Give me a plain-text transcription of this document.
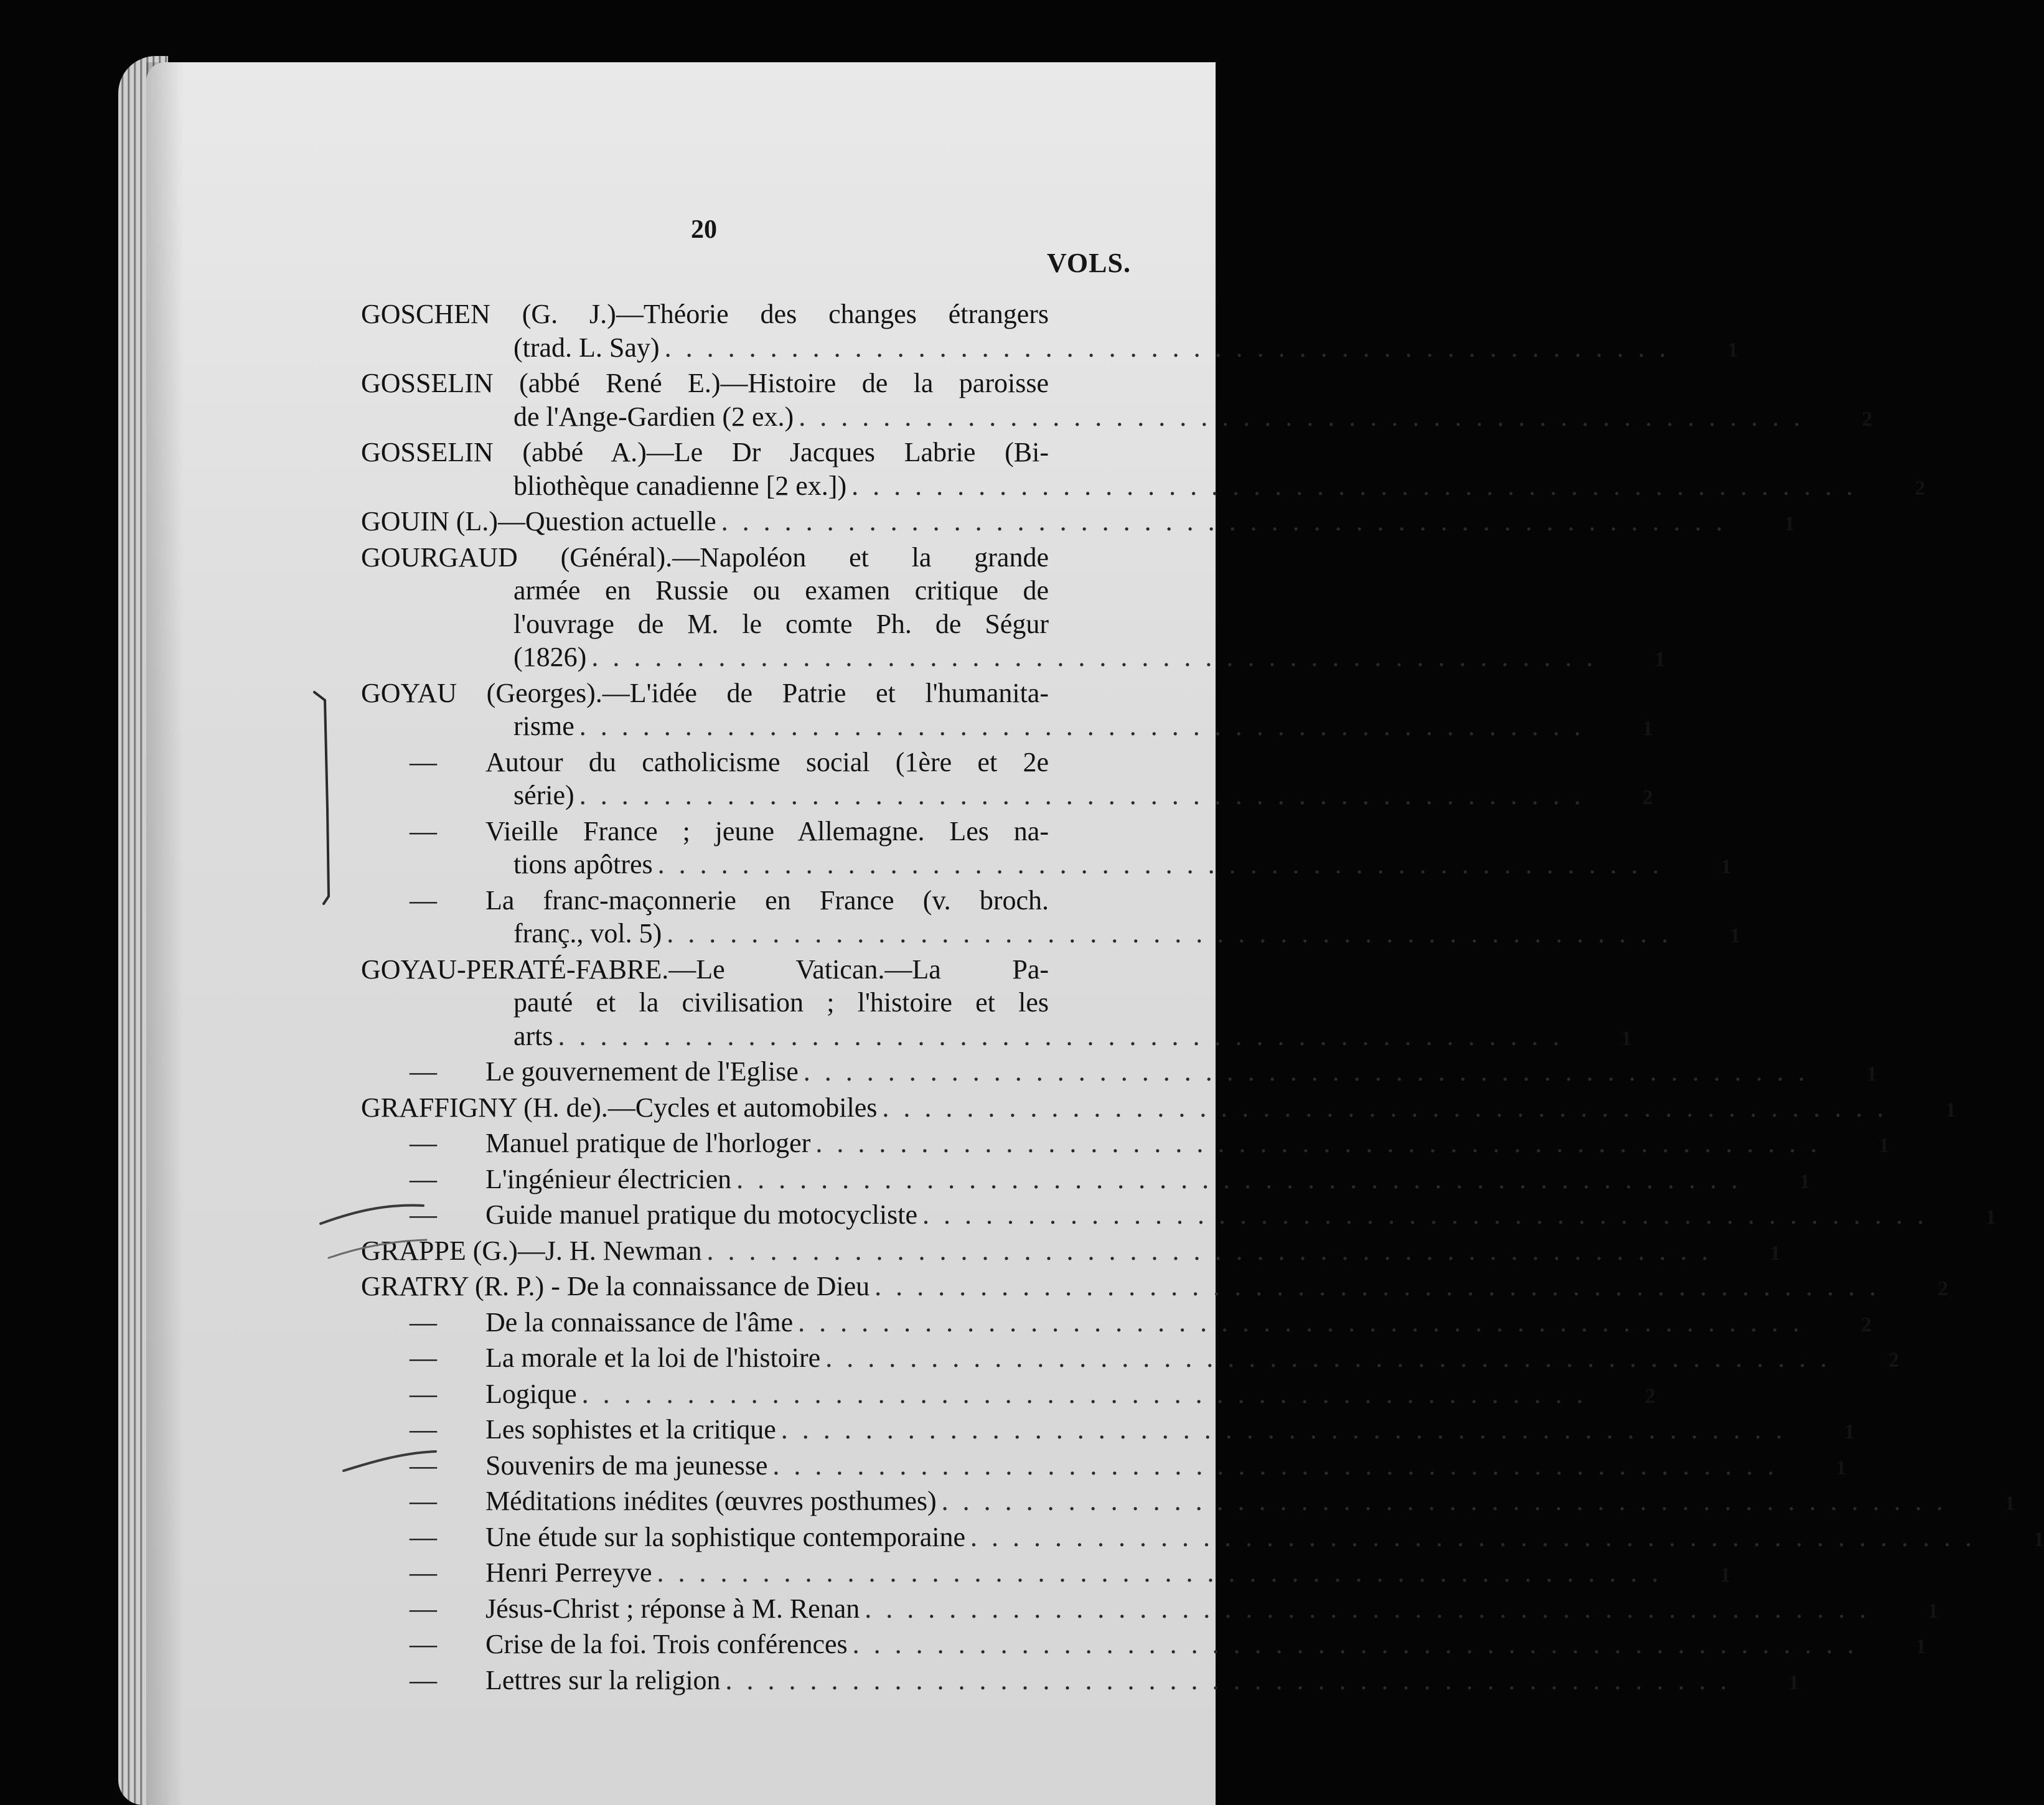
20
VOLS.
GOSCHEN (G. J.)—Théorie des changes étrangers
(trad. L. Say) . . . . . . . . . . . . . . . . . . . . . . . . . . . . . . . . . . . . . . . . . . . . . . . .	1
GOSSELIN (abbé René E.)—Histoire de la paroisse
de l'Ange-Gardien (2 ex.) . . . . . . . . . . . . . . . . . . . . . . . . . . . . . . . . . . . . . . . . . . . . . . . .	2
GOSSELIN (abbé A.)—Le Dr Jacques Labrie (Bi-
bliothèque canadienne [2 ex.]) . . . . . . . . . . . . . . . . . . . . . . . . . . . . . . . . . . . . . . . . . . . . . . . .	2
GOUIN (L.)—Question actuelle . . . . . . . . . . . . . . . . . . . . . . . . . . . . . . . . . . . . . . . . . . . . . . . .	1
GOURGAUD (Général).—Napoléon et la grande
armée en Russie ou examen critique de
l'ouvrage de M. le comte Ph. de Ségur
(1826) . . . . . . . . . . . . . . . . . . . . . . . . . . . . . . . . . . . . . . . . . . . . . . . .	1
GOYAU (Georges).—L'idée de Patrie et l'humanita-
risme . . . . . . . . . . . . . . . . . . . . . . . . . . . . . . . . . . . . . . . . . . . . . . . .	1
—	Autour du catholicisme social (1ère et 2e
série) . . . . . . . . . . . . . . . . . . . . . . . . . . . . . . . . . . . . . . . . . . . . . . . .	2
—	Vieille France ; jeune Allemagne. Les na-
tions apôtres . . . . . . . . . . . . . . . . . . . . . . . . . . . . . . . . . . . . . . . . . . . . . . . .	1
—	La franc-maçonnerie en France (v. broch.
franç., vol. 5) . . . . . . . . . . . . . . . . . . . . . . . . . . . . . . . . . . . . . . . . . . . . . . . .	1
GOYAU-PERATÉ-FABRE.—Le Vatican.—La Pa-
pauté et la civilisation ; l'histoire et les
arts . . . . . . . . . . . . . . . . . . . . . . . . . . . . . . . . . . . . . . . . . . . . . . . .	1
—	Le gouvernement de l'Eglise . . . . . . . . . . . . . . . . . . . . . . . . . . . . . . . . . . . . . . . . . . . . . . . .	1
GRAFFIGNY (H. de).—Cycles et automobiles . . . . . . . . . . . . . . . . . . . . . . . . . . . . . . . . . . . . . . . . . . . . . . . .	1
—	Manuel pratique de l'horloger . . . . . . . . . . . . . . . . . . . . . . . . . . . . . . . . . . . . . . . . . . . . . . . .	1
—	L'ingénieur électricien . . . . . . . . . . . . . . . . . . . . . . . . . . . . . . . . . . . . . . . . . . . . . . . .	1
—	Guide manuel pratique du motocycliste . . . . . . . . . . . . . . . . . . . . . . . . . . . . . . . . . . . . . . . . . . . . . . . .	1
GRAPPE (G.)—J. H. Newman . . . . . . . . . . . . . . . . . . . . . . . . . . . . . . . . . . . . . . . . . . . . . . . .	1
GRATRY (R. P.) - De la connaissance de Dieu . . . . . . . . . . . . . . . . . . . . . . . . . . . . . . . . . . . . . . . . . . . . . . . .	2
—	De la connaissance de l'âme . . . . . . . . . . . . . . . . . . . . . . . . . . . . . . . . . . . . . . . . . . . . . . . .	2
—	La morale et la loi de l'histoire . . . . . . . . . . . . . . . . . . . . . . . . . . . . . . . . . . . . . . . . . . . . . . . .	2
—	Logique . . . . . . . . . . . . . . . . . . . . . . . . . . . . . . . . . . . . . . . . . . . . . . . .	2
—	Les sophistes et la critique . . . . . . . . . . . . . . . . . . . . . . . . . . . . . . . . . . . . . . . . . . . . . . . .	1
—	Souvenirs de ma jeunesse . . . . . . . . . . . . . . . . . . . . . . . . . . . . . . . . . . . . . . . . . . . . . . . .	1
—	Méditations inédites (œuvres posthumes) . . . . . . . . . . . . . . . . . . . . . . . . . . . . . . . . . . . . . . . . . . . . . . . .	1
—	Une étude sur la sophistique contemporaine . . . . . . . . . . . . . . . . . . . . . . . . . . . . . . . . . . . . . . . . . . . . . . . .	1
—	Henri Perreyve . . . . . . . . . . . . . . . . . . . . . . . . . . . . . . . . . . . . . . . . . . . . . . . .	1
—	Jésus-Christ ; réponse à M. Renan . . . . . . . . . . . . . . . . . . . . . . . . . . . . . . . . . . . . . . . . . . . . . . . .	1
—	Crise de la foi. Trois conférences . . . . . . . . . . . . . . . . . . . . . . . . . . . . . . . . . . . . . . . . . . . . . . . .	1
—	Lettres sur la religion . . . . . . . . . . . . . . . . . . . . . . . . . . . . . . . . . . . . . . . . . . . . . . . .	1
